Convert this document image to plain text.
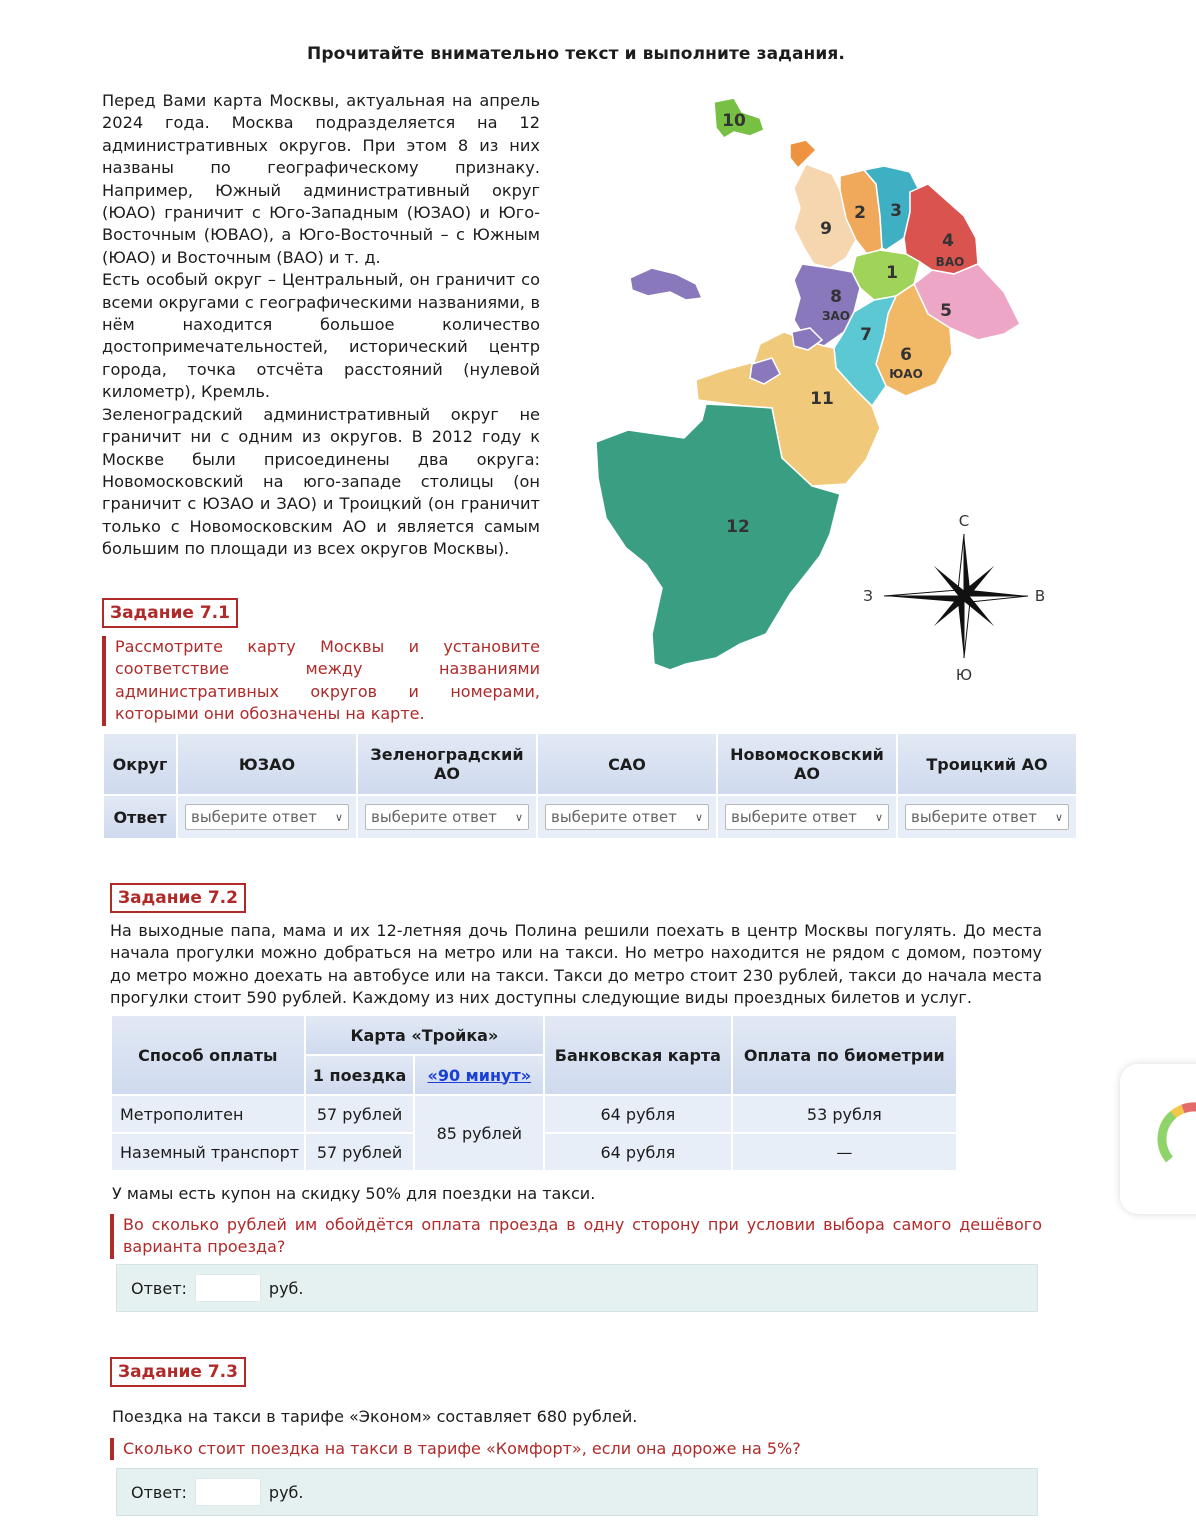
Прочитайте внимательно текст и выполните задания.

Перед Вами карта Москвы, актуальная на апрель 2024 года. Москва подразделяется на 12 административных округов. При этом 8 из них названы по географическому признаку. Например, Южный административный округ (ЮАО) граничит с Юго-Западным (ЮЗАО) и Юго-Восточным (ЮВАО), а Юго-Восточный – с Южным (ЮАО) и Восточным (ВАО) и т. д.

Есть особый округ – Центральный, он граничит со всеми округами с географическими названиями, в нём находится большое количество достопримечательностей, исторический центр города, точка отсчёта расстояний (нулевой километр), Кремль.

Зеленоградский административный округ не граничит ни с одним из округов. В 2012 году к Москве были присоединены два округа: Новомосковский на юго-западе столицы (он граничит с ЮЗАО и ЗАО) и Троицкий (он граничит только с Новомосковским АО и является самым большим по площади из всех округов Москвы).

10
9
2 3
4
ВАО
1
8
ЗАО	5
7
6
ЮАО
11
12	С
Ю
З	В
Задание 7.1
Рассмотрите карту Москвы и установите соответствие между названиями административных округов и номерами, которыми они обозначены на карте.
Округ	ЮЗАО	Зеленоградский АО	САО	Новомосковский АО	Троицкий АО
Ответ	выберите ответ ∨	выберите ответ ∨	выберите ответ ∨	выберите ответ ∨	выберите ответ ∨
Задание 7.2
На выходные папа, мама и их 12-летняя дочь Полина решили поехать в центр Москвы погулять. До места начала прогулки можно добраться на метро или на такси. Но метро находится не рядом с домом, поэтому до метро можно доехать на автобусе или на такси. Такси до метро стоит 230 рублей, такси до начала места прогулки стоит 590 рублей. Каждому из них доступны следующие виды проездных билетов и услуг.
Способ оплаты	Карта «Тройка»		Банковская карта	Оплата по биометрии
	1 поездка	«90 минут»		
Метрополитен	57 рублей	85 рублей	64 рубля	53 рубля
Наземный транспорт	57 рублей		64 рубля	—
У мамы есть купон на скидку 50% для поездки на такси.
Во сколько рублей им обойдётся оплата проезда в одну сторону при условии выбора самого дешёвого варианта проезда?
Ответ:	руб.
Задание 7.3
Поездка на такси в тарифе «Эконом» составляет 680 рублей.
Сколько стоит поездка на такси в тарифе «Комфорт», если она дороже на 5%?
Ответ:	руб.
